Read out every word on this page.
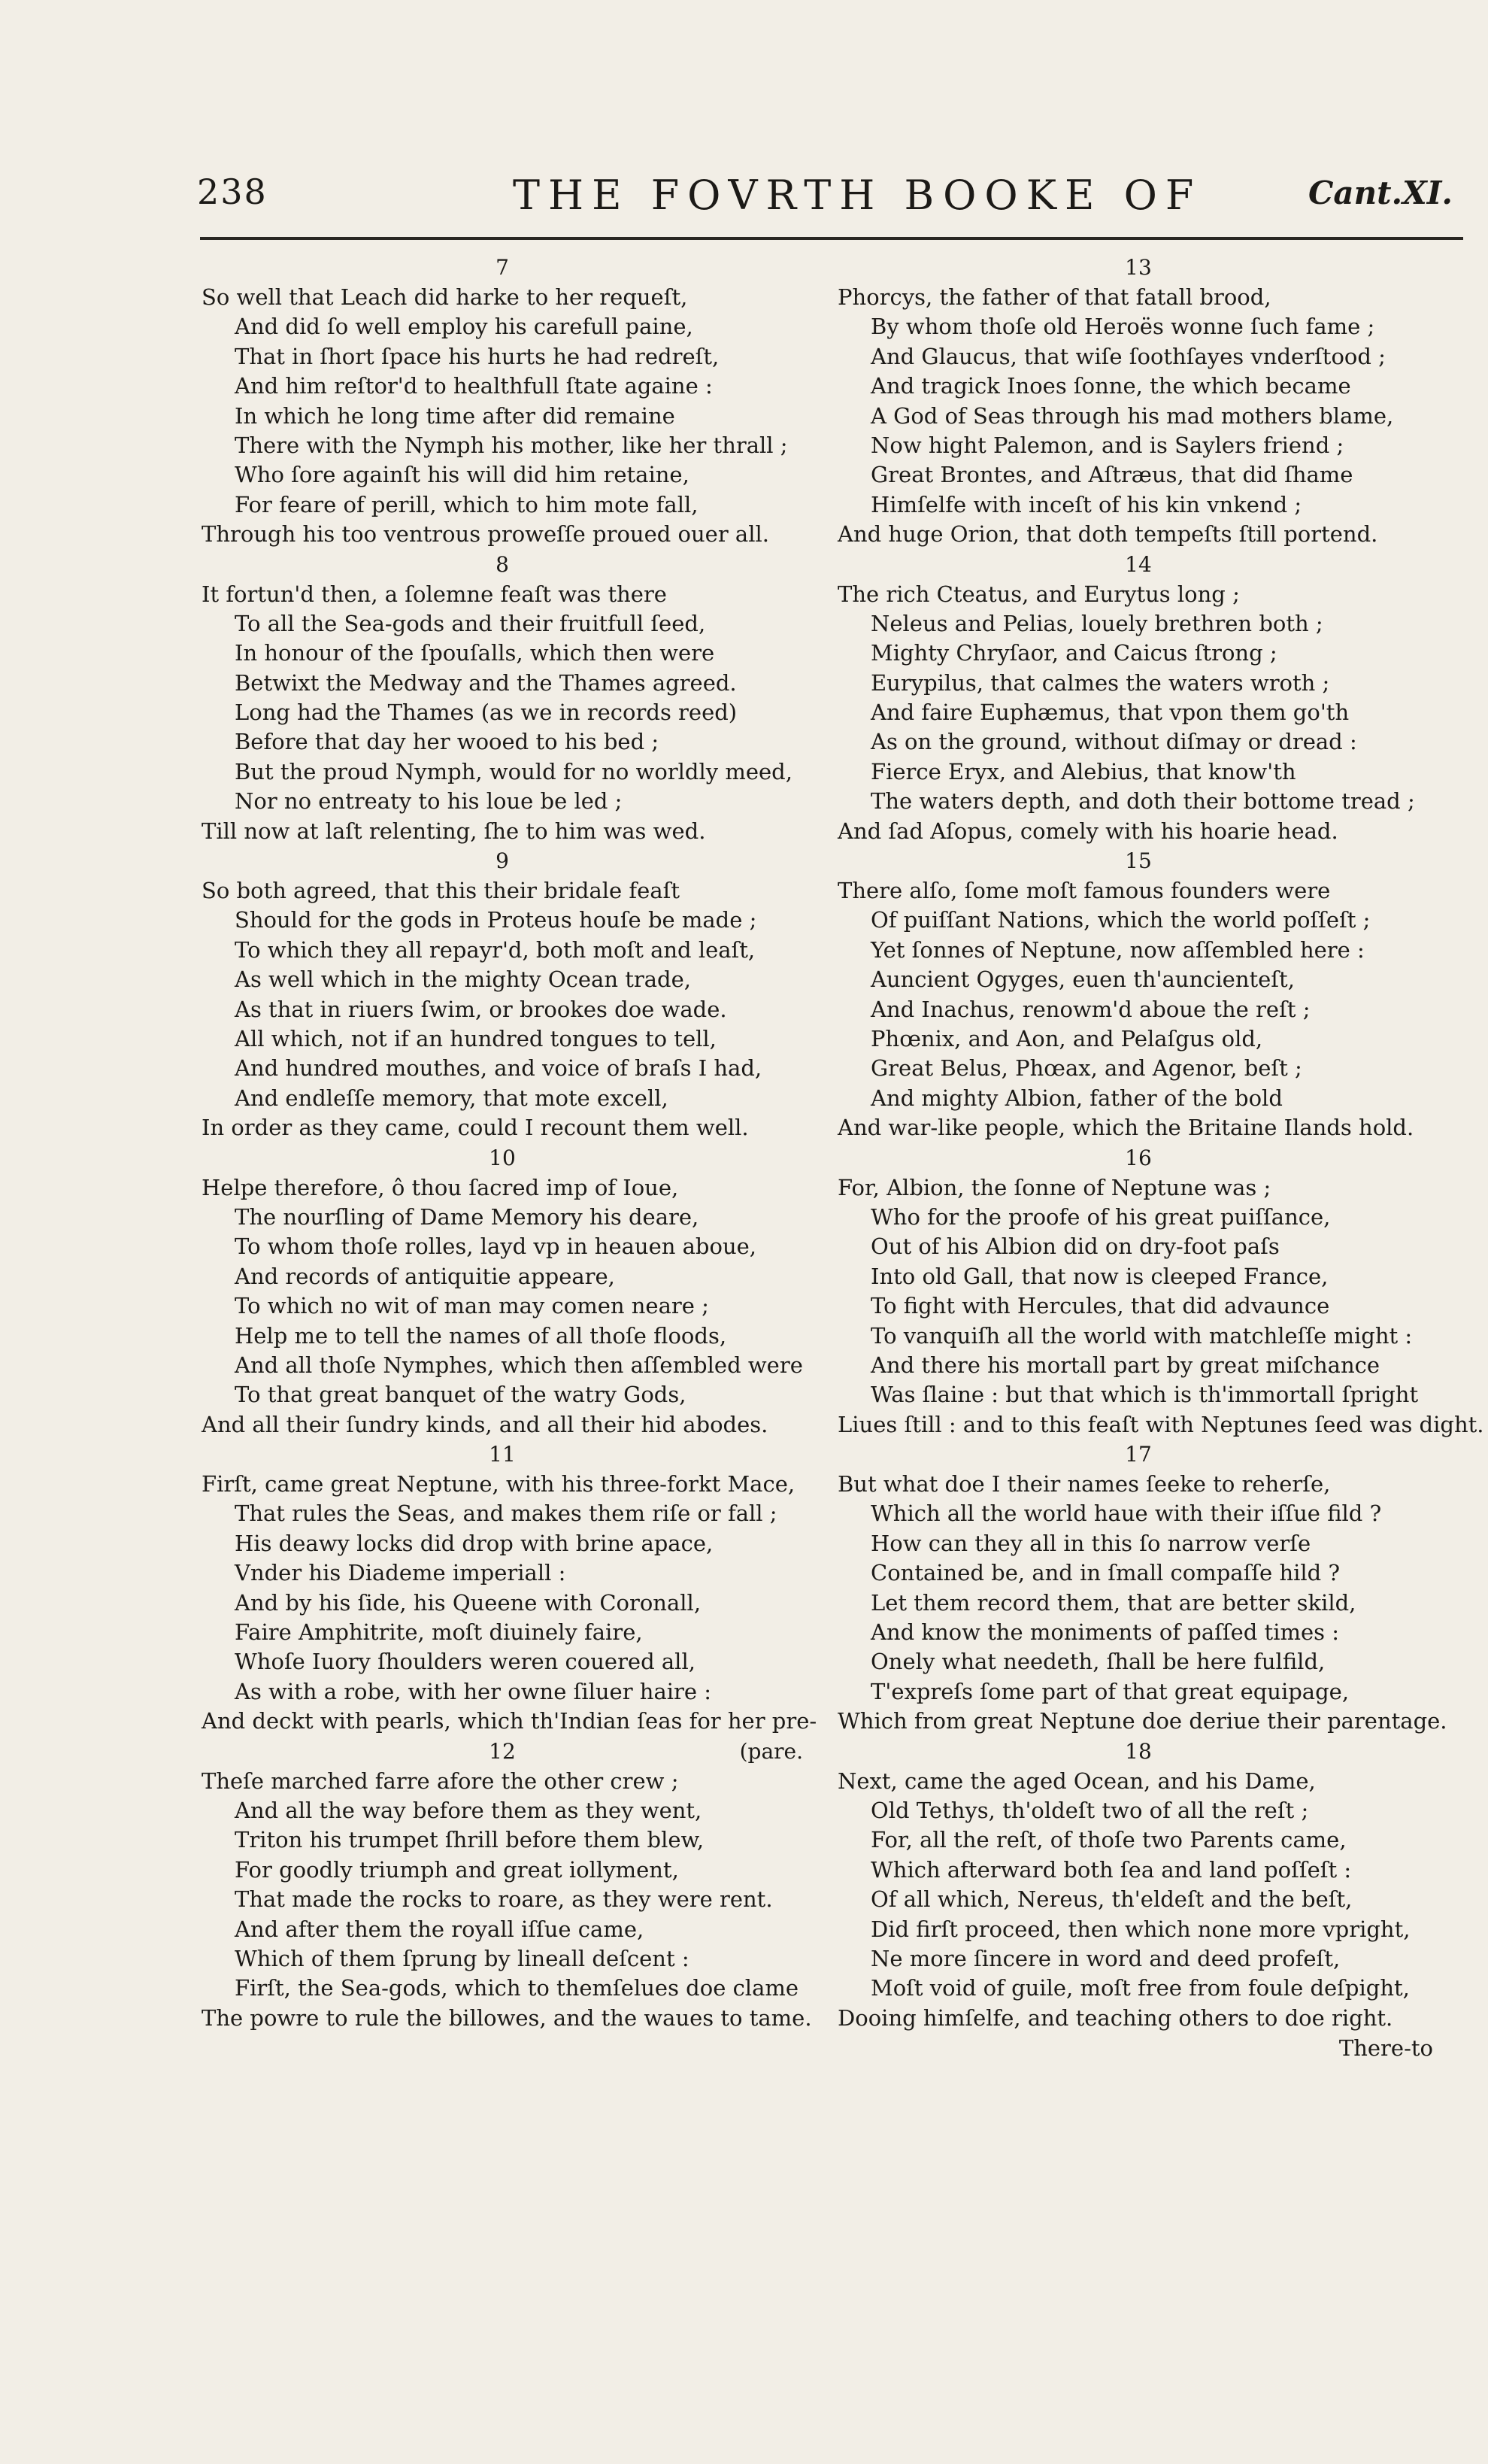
238	THE FOVRTH BOOKE OF	Cant.XI.
7
So well that Leach did harke to her requeſt,
And did ſo well employ his carefull paine,
That in ſhort ſpace his hurts he had redreſt,
And him reſtor'd to healthfull ſtate againe :
In which he long time after did remaine
There with the Nymph his mother, like her thrall ;
Who ſore againſt his will did him retaine,
For feare of perill, which to him mote fall,
Through his too ventrous proweſſe proued ouer all.
8
It fortun'd then, a ſolemne feaſt was there
To all the Sea-gods and their fruitfull ſeed,
In honour of the ſpouſalls, which then were
Betwixt the Medway and the Thames agreed.
Long had the Thames (as we in records reed)
Before that day her wooed to his bed ;
But the proud Nymph, would for no worldly meed,
Nor no entreaty to his loue be led ;
Till now at laſt relenting, ſhe to him was wed.
9
So both agreed, that this their bridale feaſt
Should for the gods in Proteus houſe be made ;
To which they all repayr'd, both moſt and leaſt,
As well which in the mighty Ocean trade,
As that in riuers ſwim, or brookes doe wade.
All which, not if an hundred tongues to tell,
And hundred mouthes, and voice of braſs I had,
And endleſſe memory, that mote excell,
In order as they came, could I recount them well.
10
Helpe therefore, ô thou ſacred imp of Ioue,
The nourſling of Dame Memory his deare,
To whom thoſe rolles, layd vp in heauen aboue,
And records of antiquitie appeare,
To which no wit of man may comen neare ;
Help me to tell the names of all thoſe floods,
And all thoſe Nymphes, which then aſſembled were
To that great banquet of the watry Gods,
And all their ſundry kinds, and all their hid abodes.
11
Firſt, came great Neptune, with his three-forkt Mace,
That rules the Seas, and makes them riſe or fall ;
His deawy locks did drop with brine apace,
Vnder his Diademe imperiall :
And by his ſide, his Queene with Coronall,
Faire Amphitrite, moſt diuinely faire,
Whoſe Iuory ſhoulders weren couered all,
As with a robe, with her owne ſiluer haire :
And deckt with pearls, which th'Indian ſeas for her pre-
12	(pare.
Theſe marched farre afore the other crew ;
And all the way before them as they went,
Triton his trumpet ſhrill before them blew,
For goodly triumph and great iollyment,
That made the rocks to roare, as they were rent.
And after them the royall iſſue came,
Which of them ſprung by lineall deſcent :
Firſt, the Sea-gods, which to themſelues doe clame
The powre to rule the billowes, and the waues to tame.
13
Phorcys, the father of that fatall brood,
By whom thoſe old Heroës wonne ſuch fame ;
And Glaucus, that wiſe ſoothſayes vnderſtood ;
And tragick Inoes ſonne, the which became
A God of Seas through his mad mothers blame,
Now hight Palemon, and is Saylers friend ;
Great Brontes, and Aſtræus, that did ſhame
Himſelfe with inceſt of his kin vnkend ;
And huge Orion, that doth tempeſts ſtill portend.
14
The rich Cteatus, and Eurytus long ;
Neleus and Pelias, louely brethren both ;
Mighty Chryſaor, and Caicus ſtrong ;
Eurypilus, that calmes the waters wroth ;
And faire Euphæmus, that vpon them go'th
As on the ground, without diſmay or dread :
Fierce Eryx, and Alebius, that know'th
The waters depth, and doth their bottome tread ;
And ſad Aſopus, comely with his hoarie head.
15
There alſo, ſome moſt famous founders were
Of puiſſant Nations, which the world poſſeſt ;
Yet ſonnes of Neptune, now aſſembled here :
Auncient Ogyges, euen th'auncienteſt,
And Inachus, renowm'd aboue the reſt ;
Phœnix, and Aon, and Pelaſgus old,
Great Belus, Phœax, and Agenor, beſt ;
And mighty Albion, father of the bold
And war-like people, which the Britaine Ilands hold.
16
For, Albion, the ſonne of Neptune was ;
Who for the proofe of his great puiſſance,
Out of his Albion did on dry-foot paſs
Into old Gall, that now is cleeped France,
To fight with Hercules, that did advaunce
To vanquiſh all the world with matchleſſe might :
And there his mortall part by great miſchance
Was ſlaine : but that which is th'immortall ſpright
Liues ſtill : and to this feaſt with Neptunes ſeed was dight.
17
But what doe I their names ſeeke to reherſe,
Which all the world haue with their iſſue fild ?
How can they all in this ſo narrow verſe
Contained be, and in ſmall compaſſe hild ?
Let them record them, that are better skild,
And know the moniments of paſſed times :
Onely what needeth, ſhall be here fulfild,
T'expreſs ſome part of that great equipage,
Which from great Neptune doe deriue their parentage.
18
Next, came the aged Ocean, and his Dame,
Old Tethys, th'oldeſt two of all the reſt ;
For, all the reſt, of thoſe two Parents came,
Which afterward both ſea and land poſſeſt :
Of all which, Nereus, th'eldeſt and the beſt,
Did firſt proceed, then which none more vpright,
Ne more ſincere in word and deed profeſt,
Moſt void of guile, moſt free from foule deſpight,
Dooing himſelfe, and teaching others to doe right.
There-to
